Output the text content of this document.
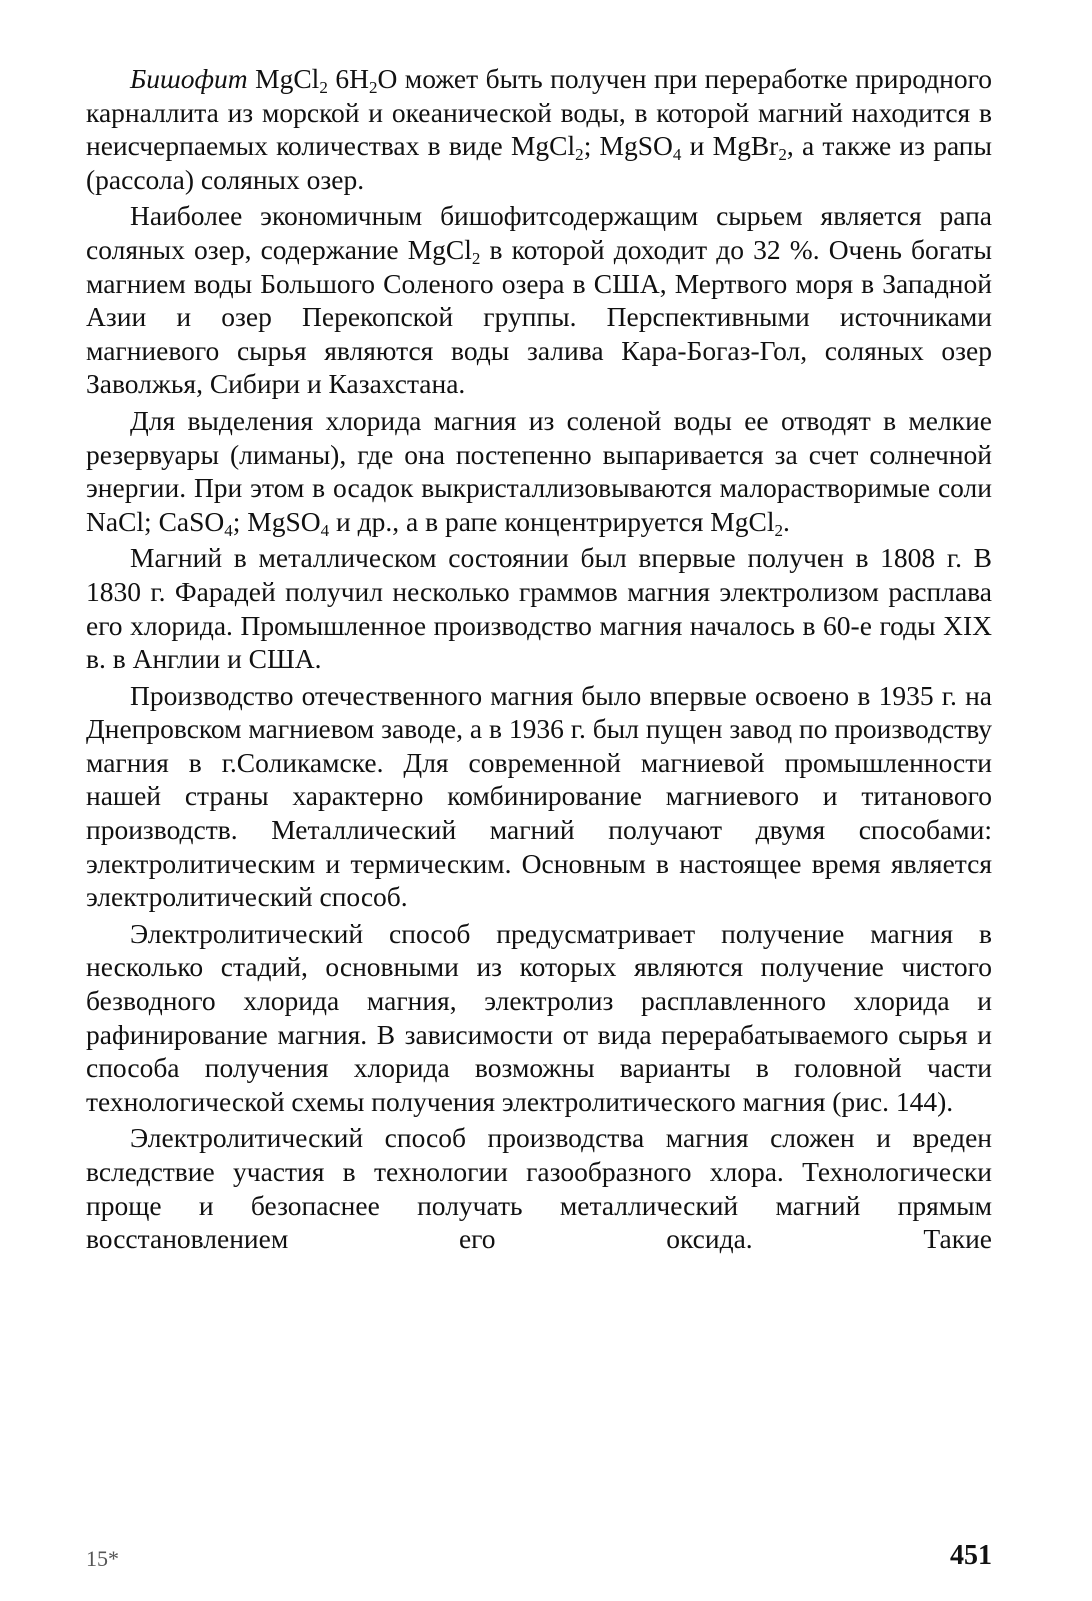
Бишофит MgCl$_2$ $6H_2O$ может быть получен при переработке природного карналлита из морской и океанической воды, в которой магний находится в неисчерпаемых количествах в виде MgCl$_2$; MgSO$_4$ и MgBr$_2$, а также из рапы (рассола) соляных озер.

Наиболее экономичным бишофитсодержащим сырьем является рапа соляных озер, содержание MgCl$_2$ в которой доходит до 32 %. Очень богаты магнием воды Большого Соленого озера в США, Мертвого моря в Западной Азии и озер Перекопской группы. Перспективными источниками магниевого сырья являются воды залива Кара-Богаз-Гол, соляных озер Заволжья, Сибири и Казахстана.

Для выделения хлорида магния из соленой воды ее отводят в мелкие резервуары (лиманы), где она постепенно выпаривается за счет солнечной энергии. При этом в осадок выкристаллизовываются малорастворимые соли NaCl; CaSO$_4$; MgSO$_4$ и др., а в рапе концентрируется MgCl$_2$.

Магний в металлическом состоянии был впервые получен в 1808 г. В 1830 г. Фарадей получил несколько граммов магния электролизом расплава его хлорида. Промышленное производство магния началось в 60-е годы XIX в. в Англии и США.

Производство отечественного магния было впервые освоено в 1935 г. на Днепровском магниевом заводе, а в 1936 г. был пущен завод по производству магния в г.Соликамске. Для современной магниевой промышленности нашей страны характерно комбинирование магниевого и титанового производств. Металлический магний получают двумя способами: электролитическим и термическим. Основным в настоящее время является электролитический способ.

Электролитический способ предусматривает получение магния в несколько стадий, основными из которых являются получение чистого безводного хлорида магния, электролиз расплавленного хлорида и рафинирование магния. В зависимости от вида перерабатываемого сырья и способа получения хлорида возможны варианты в головной части технологической схемы получения электролитического магния (рис. 144).

Электролитический способ производства магния сложен и вреден вследствие участия в технологии газообразного хлора. Технологически проще и безопаснее получать металлический магний прямым восстановлением его оксида. Такие

15*	451
